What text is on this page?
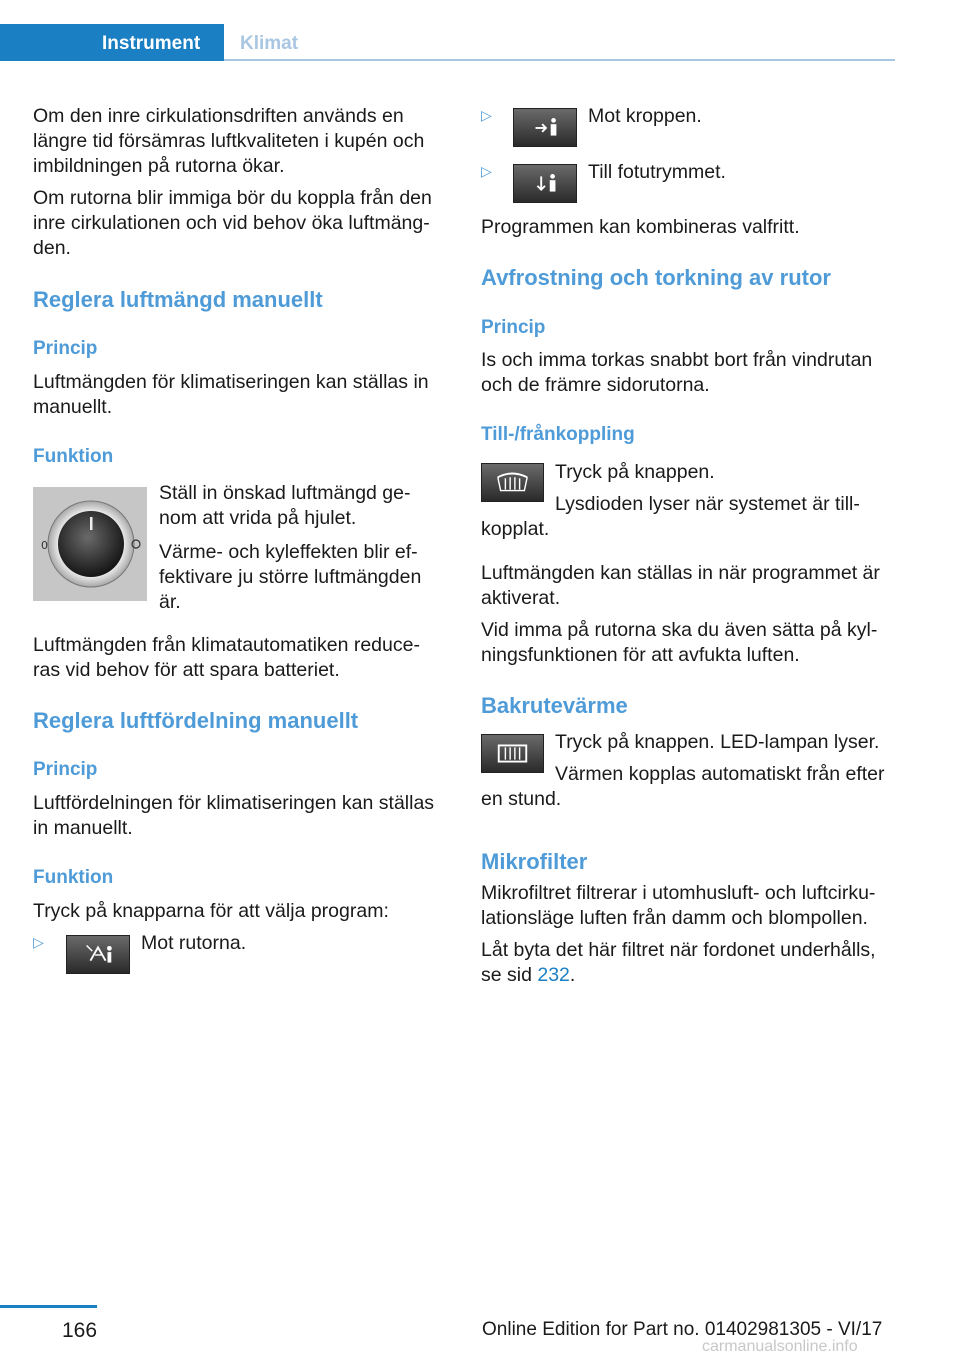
Instrument Klimat

Om den inre cirkulationsdriften används en
längre tid försämras luftkvaliteten i kupén och
imbildningen på rutorna ökar.

Om rutorna blir immiga bör du koppla från den
inre cirkulationen och vid behov öka luftmäng‐
den.

Reglera luftmängd manuellt
Princip

Luftmängden för klimatiseringen kan ställas in
manuellt.

Funktion
0

Ställ in önskad luftmängd ge‐
nom att vrida på hjulet.

Värme- och kyleffekten blir ef‐
fektivare ju större luftmängden
är.

Luftmängden från klimatautomatiken reduce‐
ras vid behov för att spara batteriet.

Reglera luftfördelning manuellt
Princip

Luftfördelningen för klimatiseringen kan ställas
in manuellt.

Funktion

Tryck på knapparna för att välja program:

▷	Mot rutorna.

▷	Mot kroppen.

▷	Till fotutrymmet.

Programmen kan kombineras valfritt.

Avfrostning och torkning av rutor
Princip

Is och imma torkas snabbt bort från vindrutan
och de främre sidorutorna.

Till-/frånkoppling

Tryck på knappen.

Lysdioden lyser när systemet är till‐

kopplat.

Luftmängden kan ställas in när programmet är
aktiverat.

Vid imma på rutorna ska du även sätta på kyl‐
ningsfunktionen för att avfukta luften.

Bakrutevärme

Tryck på knappen. LED-lampan lyser.

Värmen kopplas automatiskt från efter

en stund.

Mikrofilter

Mikrofiltret filtrerar i utomhusluft- och luftcirku‐
lationsläge luften från damm och blompollen.

Låt byta det här filtret när fordonet underhålls,
se sid 232.

166	Online Edition for Part no. 01402981305 - VI/17
carmanualsonline.info
